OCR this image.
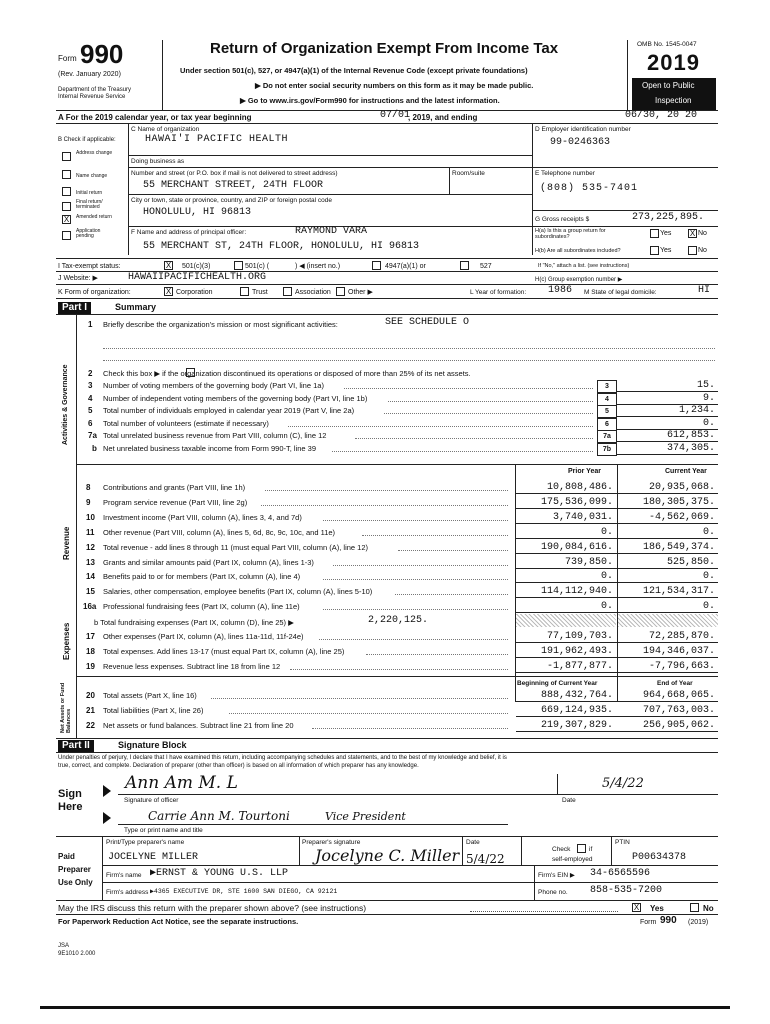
Form 990
(Rev. January 2020)
Department of the Treasury
Internal Revenue Service
Return of Organization Exempt From Income Tax
Under section 501(c), 527, or 4947(a)(1) of the Internal Revenue Code (except private foundations)
▶ Do not enter social security numbers on this form as it may be made public.
▶ Go to www.irs.gov/Form990 for instructions and the latest information.
OMB No. 1545-0047
2019
Open to Public
Inspection
A For the 2019 calendar year, or tax year beginning	07/01
, 2019, and ending	06/30, 20 20
B Check if applicable:
Address change
Name change
Initial return
Final return/ terminated
X	Amended return
Application pending
C Name of organization
HAWAI'I PACIFIC HEALTH
Doing business as
Number and street (or P.O. box if mail is not delivered to street address)	Room/suite
55 MERCHANT STREET, 24TH FLOOR
City or town, state or province, country, and ZIP or foreign postal code
HONOLULU, HI 96813
D Employer identification number
99-0246363
E Telephone number
(808) 535-7401
G Gross receipts $	273,225,895.
F Name and address of principal officer:	RAYMOND VARA
55 MERCHANT ST, 24TH FLOOR, HONOLULU, HI 96813
H(a) Is this a group return for subordinates?	Yes X No
H(b) Are all subordinates included?	Yes	No
I Tax-exempt status:	X 501(c)(3)	501(c) (	) ◀ (insert no.)	4947(a)(1) or	527	If "No," attach a list. (see instructions)
J Website: ▶	HAWAIIPACIFICHEALTH.ORG	H(c) Group exemption number ▶
K Form of organization:	X Corporation	Trust	Association Other ▶	L Year of formation: 1986 M State of legal domicile:	HI
Part I	Summary
Activities & Governance
1 Briefly describe the organization's mission or most significant activities:	SEE SCHEDULE O
2 Check this box ▶ if the organization discontinued its operations or disposed of more than 25% of its net assets.
3 Number of voting members of the governing body (Part VI, line 1a)	3	15.
4 Number of independent voting members of the governing body (Part VI, line 1b)	4	9.
5 Total number of individuals employed in calendar year 2019 (Part V, line 2a)	5	1,234.
6 Total number of volunteers (estimate if necessary)	6	0.
7a Total unrelated business revenue from Part VIII, column (C), line 12	7a	612,853.
b Net unrelated business taxable income from Form 990-T, line 39	7b	374,305.
Prior Year	Current Year
Revenue
Expenses
Net Assets or Fund Balances
8 Contributions and grants (Part VIII, line 1h)	10,808,486.	20,935,068.
9 Program service revenue (Part VIII, line 2g)	175,536,099.	180,305,375.
10 Investment income (Part VIII, column (A), lines 3, 4, and 7d)	3,740,031.	-4,562,069.
11 Other revenue (Part VIII, column (A), lines 5, 6d, 8c, 9c, 10c, and 11e)	0.	0.
12 Total revenue - add lines 8 through 11 (must equal Part VIII, column (A), line 12)	190,084,616.	186,549,374.
13 Grants and similar amounts paid (Part IX, column (A), lines 1-3)	739,850.	525,850.
14 Benefits paid to or for members (Part IX, column (A), line 4)	0.	0.
15 Salaries, other compensation, employee benefits (Part IX, column (A), lines 5-10)	114,112,940.	121,534,317.
16a Professional fundraising fees (Part IX, column (A), line 11e)	0.	0.
b Total fundraising expenses (Part IX, column (D), line 25) ▶	2,220,125.
17 Other expenses (Part IX, column (A), lines 11a-11d, 11f-24e)	77,109,703.	72,285,870.
18 Total expenses. Add lines 13-17 (must equal Part IX, column (A), line 25)	191,962,493.	194,346,037.
19 Revenue less expenses. Subtract line 18 from line 12	-1,877,877.	-7,796,663.
Beginning of Current Year	End of Year
20 Total assets (Part X, line 16)	888,432,764.	964,668,065.
21 Total liabilities (Part X, line 26)	669,124,935.	707,763,003.
22 Net assets or fund balances. Subtract line 21 from line 20	219,307,829.	256,905,062.
Part II	Signature Block
Under penalties of perjury, I declare that I have examined this return, including accompanying schedules and statements, and to the best of my knowledge and belief, it is
true, correct, and complete. Declaration of preparer (other than officer) is based on all information of which preparer has any knowledge.
Sign
Here
Ann Am M. L	5/4/22
Signature of officer	Date
Carrie Ann M. Tourtoni	Vice President
Type or print name and title
Paid
Preparer
Use Only
Print/Type preparer's name
JOCELYNE MILLER
Preparer's signature
Jocelyne C. Miller
Date
5/4/22
Check	if
self-employed
PTIN
P00634378
Firm's name ▶ERNST & YOUNG U.S. LLP	Firm's EIN ▶ 34-6565596
Firm's address ▶4365 EXECUTIVE DR, STE 1600 SAN DIEGO, CA 92121	Phone no. 858-535-7200
May the IRS discuss this return with the preparer shown above? (see instructions)	X Yes	No
For Paperwork Reduction Act Notice, see the separate instructions.	Form 990 (2019)
JSA
9E1010 2.000
